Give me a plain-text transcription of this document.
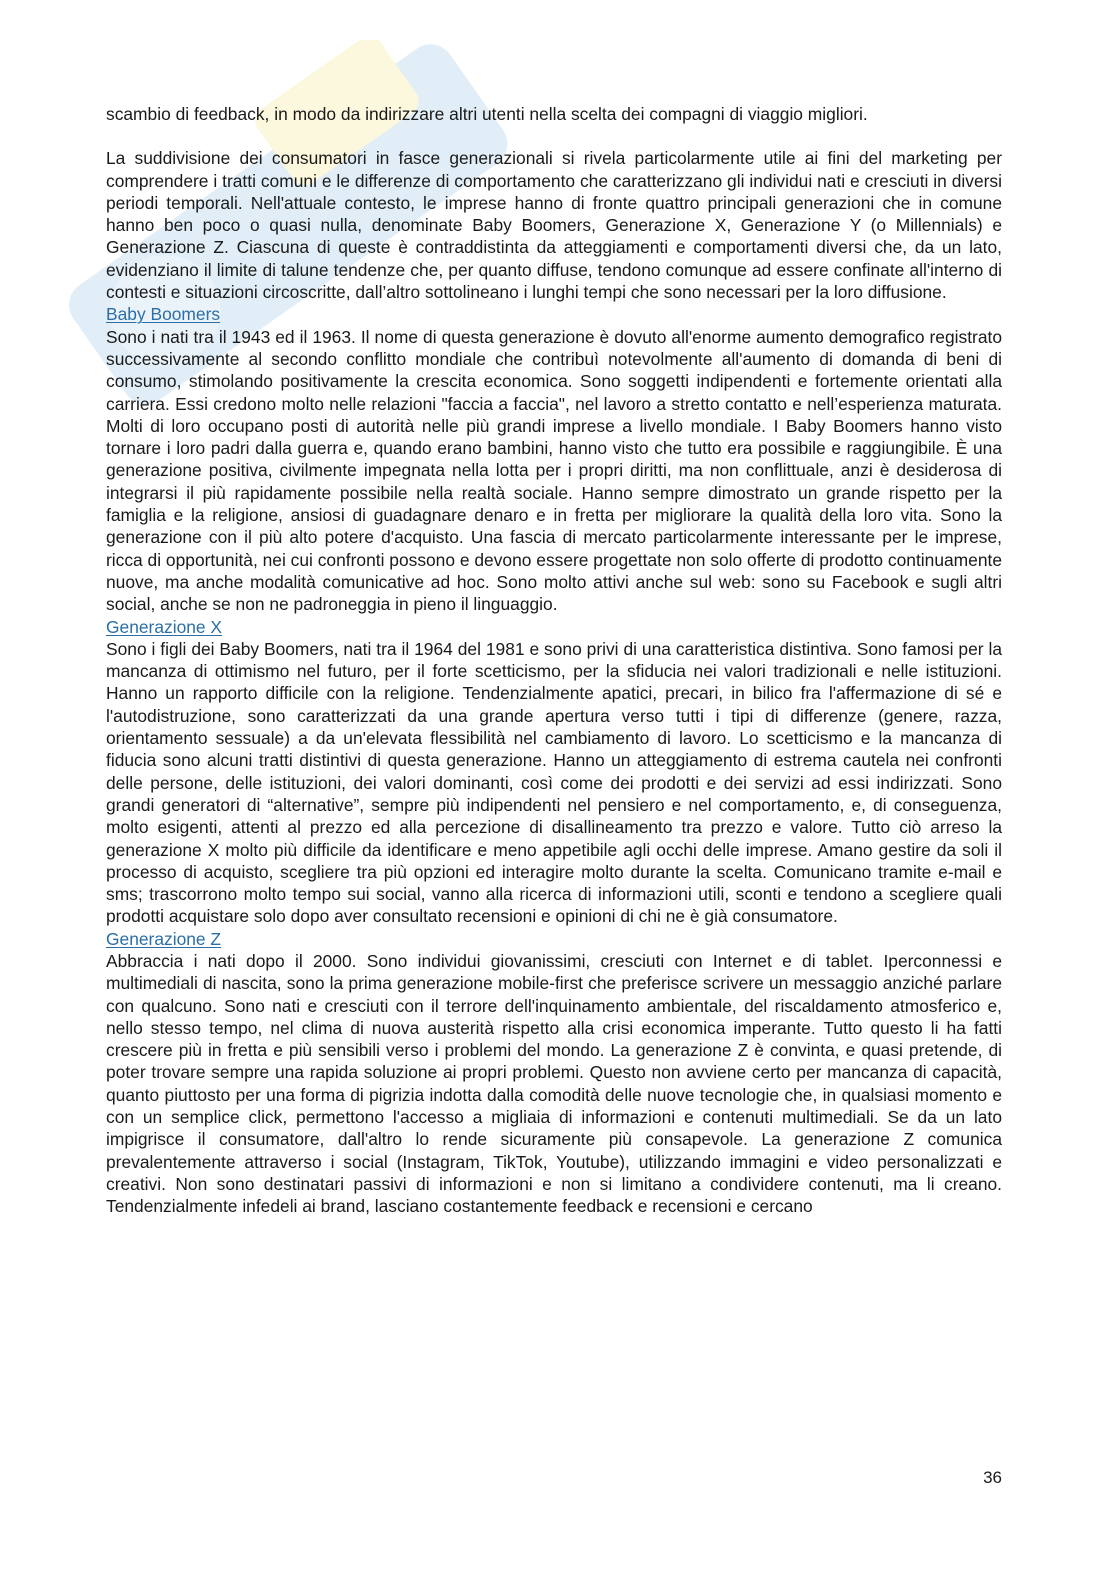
scambio di feedback, in modo da indirizzare altri utenti nella scelta dei compagni di viaggio migliori.

La suddivisione dei consumatori in fasce generazionali si rivela particolarmente utile ai fini del marketing per comprendere i tratti comuni e le differenze di comportamento che caratterizzano gli individui nati e cresciuti in diversi periodi temporali. Nell'attuale contesto, le imprese hanno di fronte quattro principali generazioni che in comune hanno ben poco o quasi nulla, denominate Baby Boomers, Generazione X, Generazione Y (o Millennials) e Generazione Z. Ciascuna di queste è contraddistinta da atteggiamenti e comportamenti diversi che, da un lato, evidenziano il limite di talune tendenze che, per quanto diffuse, tendono comunque ad essere confinate all'interno di contesti e situazioni circoscritte, dall’altro sottolineano i lunghi tempi che sono necessari per la loro diffusione.

Baby Boomers

Sono i nati tra il 1943 ed il 1963. Il nome di questa generazione è dovuto all'enorme aumento demografico registrato successivamente al secondo conflitto mondiale che contribuì notevolmente all'aumento di domanda di beni di consumo, stimolando positivamente la crescita economica. Sono soggetti indipendenti e fortemente orientati alla carriera. Essi credono molto nelle relazioni "faccia a faccia", nel lavoro a stretto contatto e nell’esperienza maturata. Molti di loro occupano posti di autorità nelle più grandi imprese a livello mondiale. I Baby Boomers hanno visto tornare i loro padri dalla guerra e, quando erano bambini, hanno visto che tutto era possibile e raggiungibile. È una generazione positiva, civilmente impegnata nella lotta per i propri diritti, ma non conflittuale, anzi è desiderosa di integrarsi il più rapidamente possibile nella realtà sociale. Hanno sempre dimostrato un grande rispetto per la famiglia e la religione, ansiosi di guadagnare denaro e in fretta per migliorare la qualità della loro vita. Sono la generazione con il più alto potere d'acquisto. Una fascia di mercato particolarmente interessante per le imprese, ricca di opportunità, nei cui confronti possono e devono essere progettate non solo offerte di prodotto continuamente nuove, ma anche modalità comunicative ad hoc. Sono molto attivi anche sul web: sono su Facebook e sugli altri social, anche se non ne padroneggia in pieno il linguaggio.

Generazione X

Sono i figli dei Baby Boomers, nati tra il 1964 del 1981 e sono privi di una caratteristica distintiva. Sono famosi per la mancanza di ottimismo nel futuro, per il forte scetticismo, per la sfiducia nei valori tradizionali e nelle istituzioni. Hanno un rapporto difficile con la religione. Tendenzialmente apatici, precari, in bilico fra l'affermazione di sé e l'autodistruzione, sono caratterizzati da una grande apertura verso tutti i tipi di differenze (genere, razza, orientamento sessuale) a da un'elevata flessibilità nel cambiamento di lavoro. Lo scetticismo e la mancanza di fiducia sono alcuni tratti distintivi di questa generazione. Hanno un atteggiamento di estrema cautela nei confronti delle persone, delle istituzioni, dei valori dominanti, così come dei prodotti e dei servizi ad essi indirizzati. Sono grandi generatori di “alternative”, sempre più indipendenti nel pensiero e nel comportamento, e, di conseguenza, molto esigenti, attenti al prezzo ed alla percezione di disallineamento tra prezzo e valore. Tutto ciò arreso la generazione X molto più difficile da identificare e meno appetibile agli occhi delle imprese. Amano gestire da soli il processo di acquisto, scegliere tra più opzioni ed interagire molto durante la scelta. Comunicano tramite e-mail e sms; trascorrono molto tempo sui social, vanno alla ricerca di informazioni utili, sconti e tendono a scegliere quali prodotti acquistare solo dopo aver consultato recensioni e opinioni di chi ne è già consumatore.

Generazione Z

Abbraccia i nati dopo il 2000. Sono individui giovanissimi, cresciuti con Internet e di tablet. Iperconnessi e multimediali di nascita, sono la prima generazione mobile-first che preferisce scrivere un messaggio anziché parlare con qualcuno. Sono nati e cresciuti con il terrore dell'inquinamento ambientale, del riscaldamento atmosferico e, nello stesso tempo, nel clima di nuova austerità rispetto alla crisi economica imperante. Tutto questo li ha fatti crescere più in fretta e più sensibili verso i problemi del mondo. La generazione Z è convinta, e quasi pretende, di poter trovare sempre una rapida soluzione ai propri problemi. Questo non avviene certo per mancanza di capacità, quanto piuttosto per una forma di pigrizia indotta dalla comodità delle nuove tecnologie che, in qualsiasi momento e con un semplice click, permettono l'accesso a migliaia di informazioni e contenuti multimediali. Se da un lato impigrisce il consumatore, dall'altro lo rende sicuramente più consapevole. La generazione Z comunica prevalentemente attraverso i social (Instagram, TikTok, Youtube), utilizzando immagini e video personalizzati e creativi. Non sono destinatari passivi di informazioni e non si limitano a condividere contenuti, ma li creano. Tendenzialmente infedeli ai brand, lasciano costantemente feedback e recensioni e cercano

36
